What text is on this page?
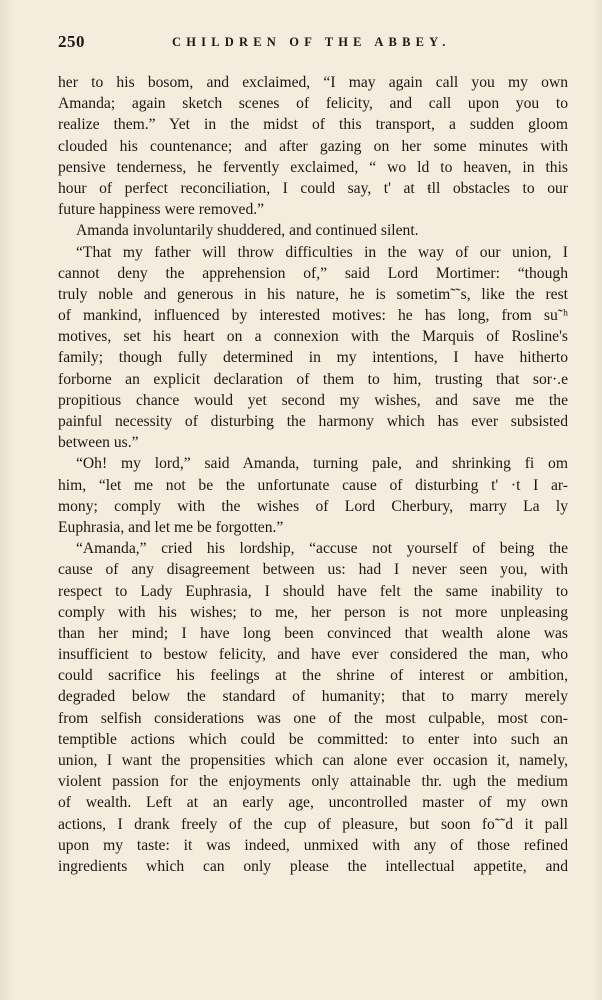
250	CHILDREN OF THE ABBEY.
her to his bosom, and exclaimed, “I may again call you my own
Amanda; again sketch scenes of felicity, and call upon you to
realize them.” Yet in the midst of this transport, a sudden gloom
clouded his countenance; and after gazing on her some minutes with
pensive tenderness, he fervently exclaimed, “ wo ld to heaven, in this
hour of perfect reconciliation, I could say, t' at ŧll obstacles to our
future happiness were removed.”
Amanda involuntarily shuddered, and continued silent.
“That my father will throw difficulties in the way of our union, I
cannot deny the apprehension of,” said Lord Mortimer: “though
truly noble and generous in his nature, he is sometim˜˜s, like the rest
of mankind, influenced by interested motives: he has long, from su˜ʰ
motives, set his heart on a connexion with the Marquis of Rosline's
family; though fully determined in my intentions, I have hitherto
forborne an explicit declaration of them to him, trusting that sor·.e
propitious chance would yet second my wishes, and save me the
painful necessity of disturbing the harmony which has ever subsisted
between us.”
“Oh! my lord,” said Amanda, turning pale, and shrinking fi om
him, “let me not be the unfortunate cause of disturbing t' ·t I ar-
mony; comply with the wishes of Lord Cherbury, marry La ly
Euphrasia, and let me be forgotten.”
“Amanda,” cried his lordship, “accuse not yourself of being the
cause of any disagreement between us: had I never seen you, with
respect to Lady Euphrasia, I should have felt the same inability to
comply with his wishes; to me, her person is not more unpleasing
than her mind; I have long been convinced that wealth alone was
insufficient to bestow felicity, and have ever considered the man, who
could sacrifice his feelings at the shrine of interest or ambition,
degraded below the standard of humanity; that to marry merely
from selfish considerations was one of the most culpable, most con-
temptible actions which could be committed: to enter into such an
union, I want the propensities which can alone ever occasion it, namely,
violent passion for the enjoyments only attainable thr. ugh the medium
of wealth. Left at an early age, uncontrolled master of my own
actions, I drank freely of the cup of pleasure, but soon fo˜˜d it pall
upon my taste: it was indeed, unmixed with any of those refined
ingredients which can only please the intellectual appetite, and
